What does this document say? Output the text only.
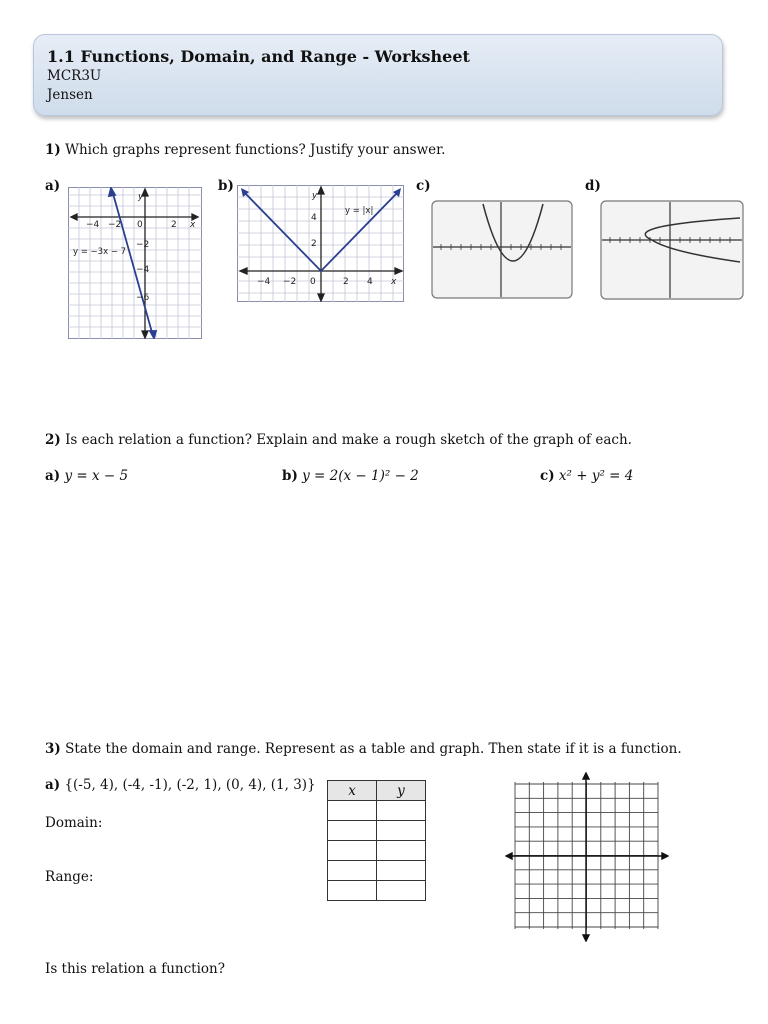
1.1 Functions, Domain, and Range - Worksheet
MCR3U
Jensen
1) Which graphs represent functions? Justify your answer.
a)	b)	c)	d)
−4 −2 0	2 x
y
−2
−4
−6
y = −3x − 7
−4 −2 0	2 4 x
y
4
2
y = |x|
2) Is each relation a function? Explain and make a rough sketch of the graph of each.
a) y = x − 5	b) y = 2(x − 1)² − 2	c) x² + y² = 4
3) State the domain and range. Represent as a table and graph. Then state if it is a function.
a) {(-5, 4), (-4, -1), (-2, 1), (0, 4), (1, 3)}
Domain:
Range:
x	y

Is this relation a function?
